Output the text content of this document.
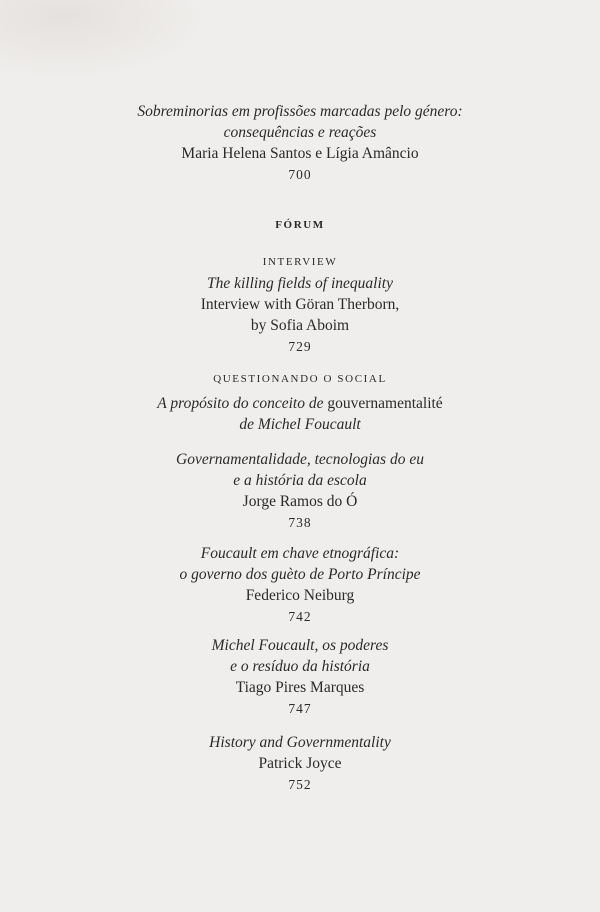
Sobreminorias em profissões marcadas pelo género:
consequências e reações
Maria Helena Santos e Lígia Amâncio
700
FÓRUM
INTERVIEW
The killing fields of inequality
Interview with Göran Therborn,
by Sofia Aboim
729
QUESTIONANDO O SOCIAL
A propósito do conceito de gouvernamentalité
de Michel Foucault
Governamentalidade, tecnologias do eu
e a história da escola
Jorge Ramos do Ó
738
Foucault em chave etnográfica:
o governo dos guèto de Porto Príncipe
Federico Neiburg
742
Michel Foucault, os poderes
e o resíduo da história
Tiago Pires Marques
747
History and Governmentality
Patrick Joyce
752
